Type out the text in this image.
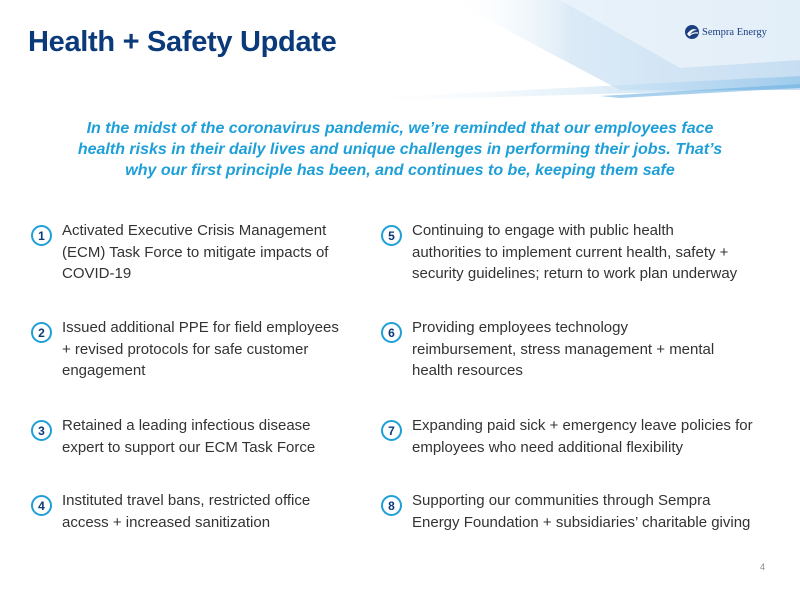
Health + Safety Update	Sempra Energy

In the midst of the coronavirus pandemic, we’re reminded that our employees face
health risks in their daily lives and unique challenges in performing their jobs. That’s
why our first principle has been, and continues to be, keeping them safe

1	Activated Executive Crisis Management
(ECM) Task Force to mitigate impacts of
COVID-19
2	Issued additional PPE for field employees
+ revised protocols for safe customer
engagement
3	Retained a leading infectious disease
expert to support our ECM Task Force
4	Instituted travel bans, restricted office
access + increased sanitization
5	Continuing to engage with public health
authorities to implement current health, safety +
security guidelines; return to work plan underway
6	Providing employees technology
reimbursement, stress management + mental
health resources
7	Expanding paid sick + emergency leave policies for
employees who need additional flexibility
8	Supporting our communities through Sempra
Energy Foundation + subsidiaries’ charitable giving
4
